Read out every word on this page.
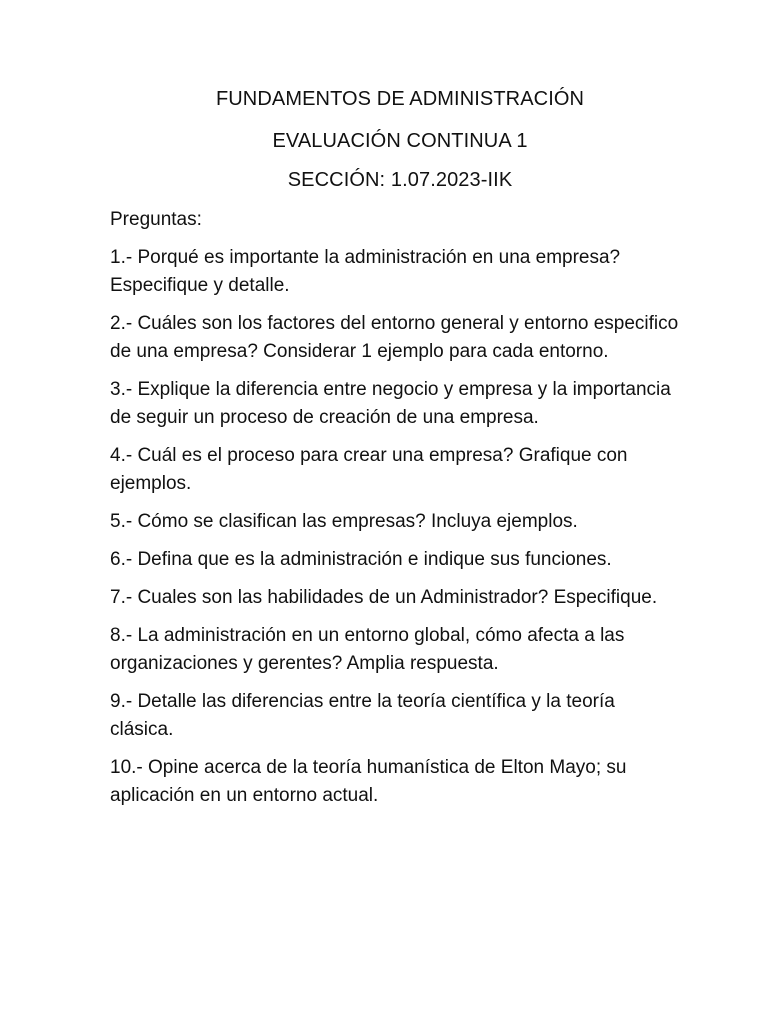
FUNDAMENTOS DE ADMINISTRACIÓN
EVALUACIÓN CONTINUA 1
SECCIÓN: 1.07.2023-IIK

Preguntas:

1.- Porqué es importante la administración en una empresa? Especifique y detalle.
2.- Cuáles son los factores del entorno general y entorno especifico de una empresa? Considerar 1 ejemplo para cada entorno.
3.- Explique la diferencia entre negocio y empresa y la importancia de seguir un proceso de creación de una empresa.
4.- Cuál es el proceso para crear una empresa? Grafique con ejemplos.
5.- Cómo se clasifican las empresas? Incluya ejemplos.
6.- Defina que es la administración e indique sus funciones.
7.- Cuales son las habilidades de un Administrador? Especifique.
8.- La administración en un entorno global, cómo afecta a las organizaciones y gerentes? Amplia respuesta.
9.- Detalle las diferencias entre la teoría científica y la teoría clásica.
10.- Opine acerca de la teoría humanística de Elton Mayo; su aplicación en un entorno actual.
